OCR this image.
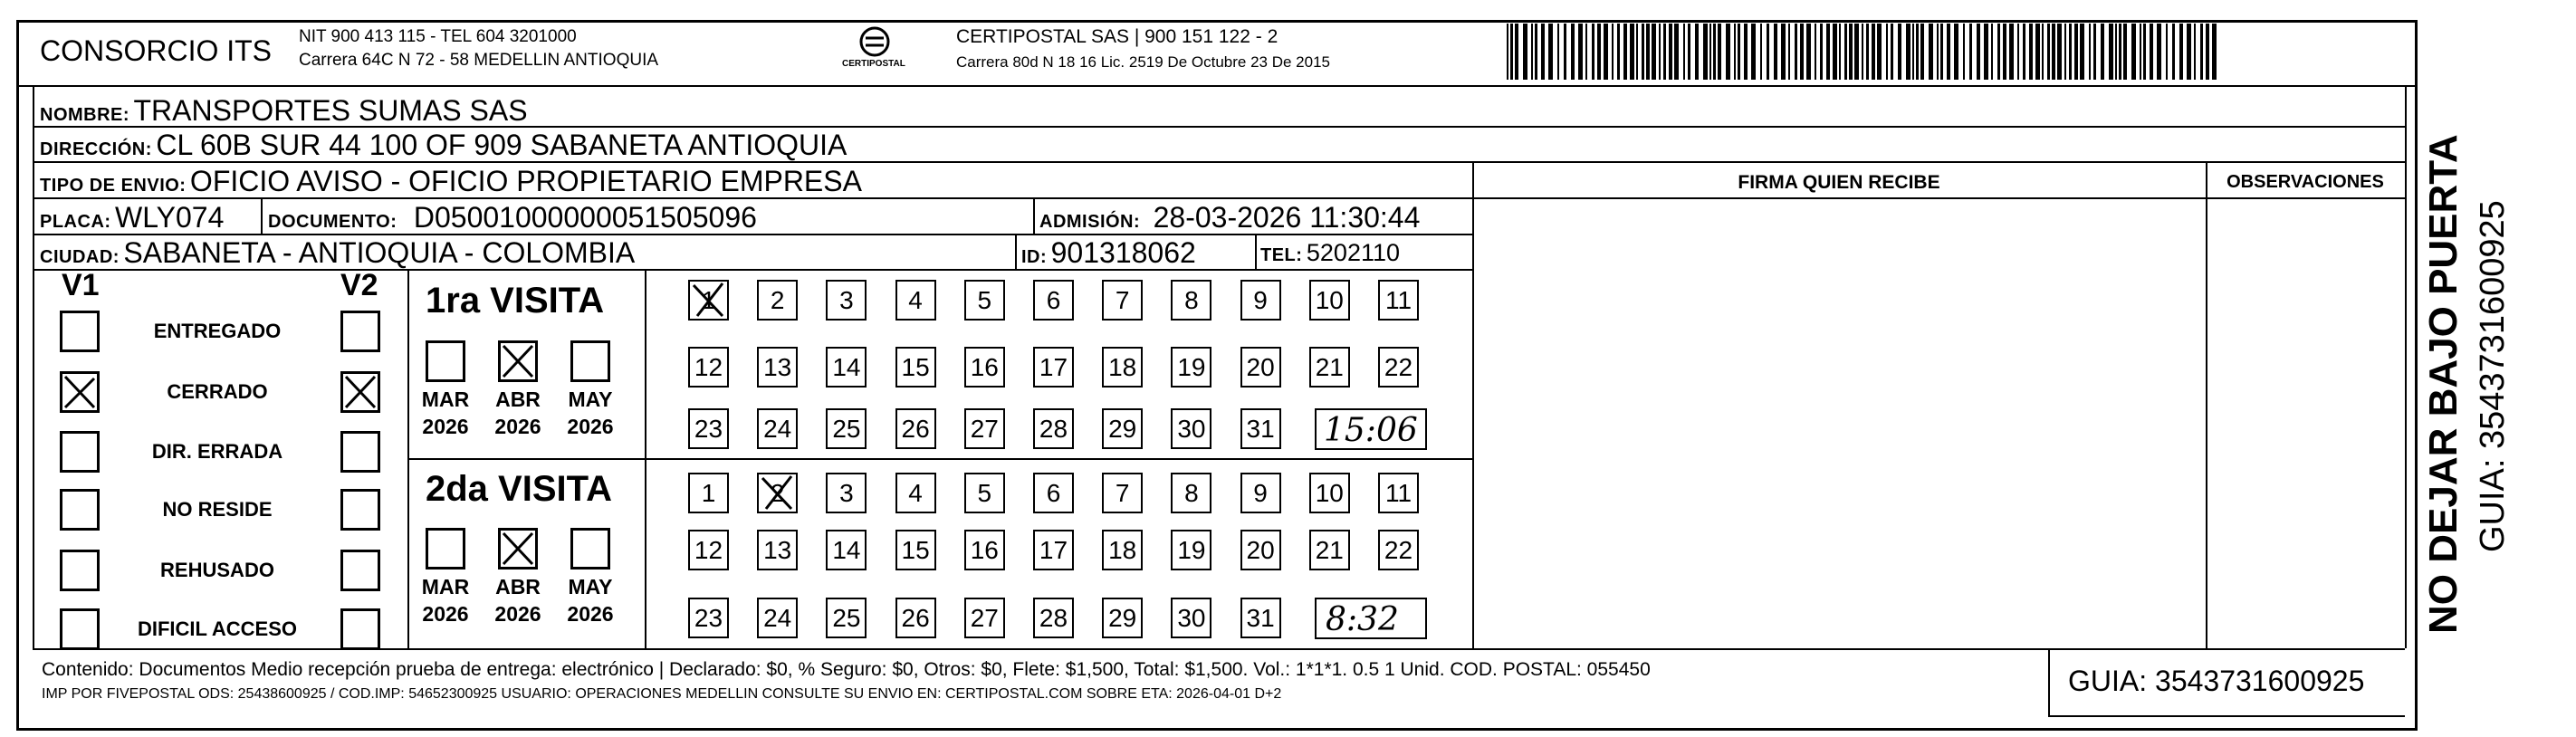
CONSORCIO ITS NIT 900 413 115 - TEL 604 3201000
Carrera 64C N 72 - 58 MEDELLIN ANTIOQUIA	CERTIPOSTAL
CERTIPOSTAL SAS | 900 151 122 - 2
Carrera 80d N 18 16 Lic. 2519 De Octubre 23 De 2015
NOMBRE: TRANSPORTES SUMAS SAS
DIRECCIÓN: CL 60B SUR 44 100 OF 909 SABANETA ANTIOQUIA
TIPO DE ENVIO: OFICIO AVISO - OFICIO PROPIETARIO EMPRESA	FIRMA QUIEN RECIBE	OBSERVACIONES
PLACA: WLY074 DOCUMENTO: D05001000000051505096	ADMISIÓN: 28-03-2026 11:30:44
CIUDAD: SABANETA - ANTIOQUIA - COLOMBIA	ID: 901318062	TEL: 5202110
V1	V2
ENTREGADO
CERRADO
DIR. ERRADA
NO RESIDE
REHUSADO
DIFICIL ACCESO
1ra VISITA
MAR
2026
ABR
2026
MAY
2026
1	2	3	4	5	6	7	8	9	10 11
12 13 14 15 16 17 18 19 20 21 22
23 24 25 26 27 28 29 30 31 15:06
2da VISITA
MAR
2026
ABR
2026
MAY
2026
1	2	3	4	5	6	7	8	9	10 11
12 13 14 15 16 17 18 19 20 21 22
23 24 25 26 27 28 29 30 31 8:32
Contenido: Documentos Medio recepción prueba de entrega: electrónico | Declarado: $0, % Seguro: $0, Otros: $0, Flete: $1,500, Total: $1,500. Vol.: 1*1*1. 0.5 1 Unid. COD. POSTAL: 055450
IMP POR FIVEPOSTAL ODS: 25438600925 / COD.IMP: 54652300925 USUARIO: OPERACIONES MEDELLIN CONSULTE SU ENVIO EN: CERTIPOSTAL.COM SOBRE ETA: 2026-04-01 D+2	GUIA: 3543731600925
NO DEJAR BAJO PUERTA GUIA: 3543731600925
